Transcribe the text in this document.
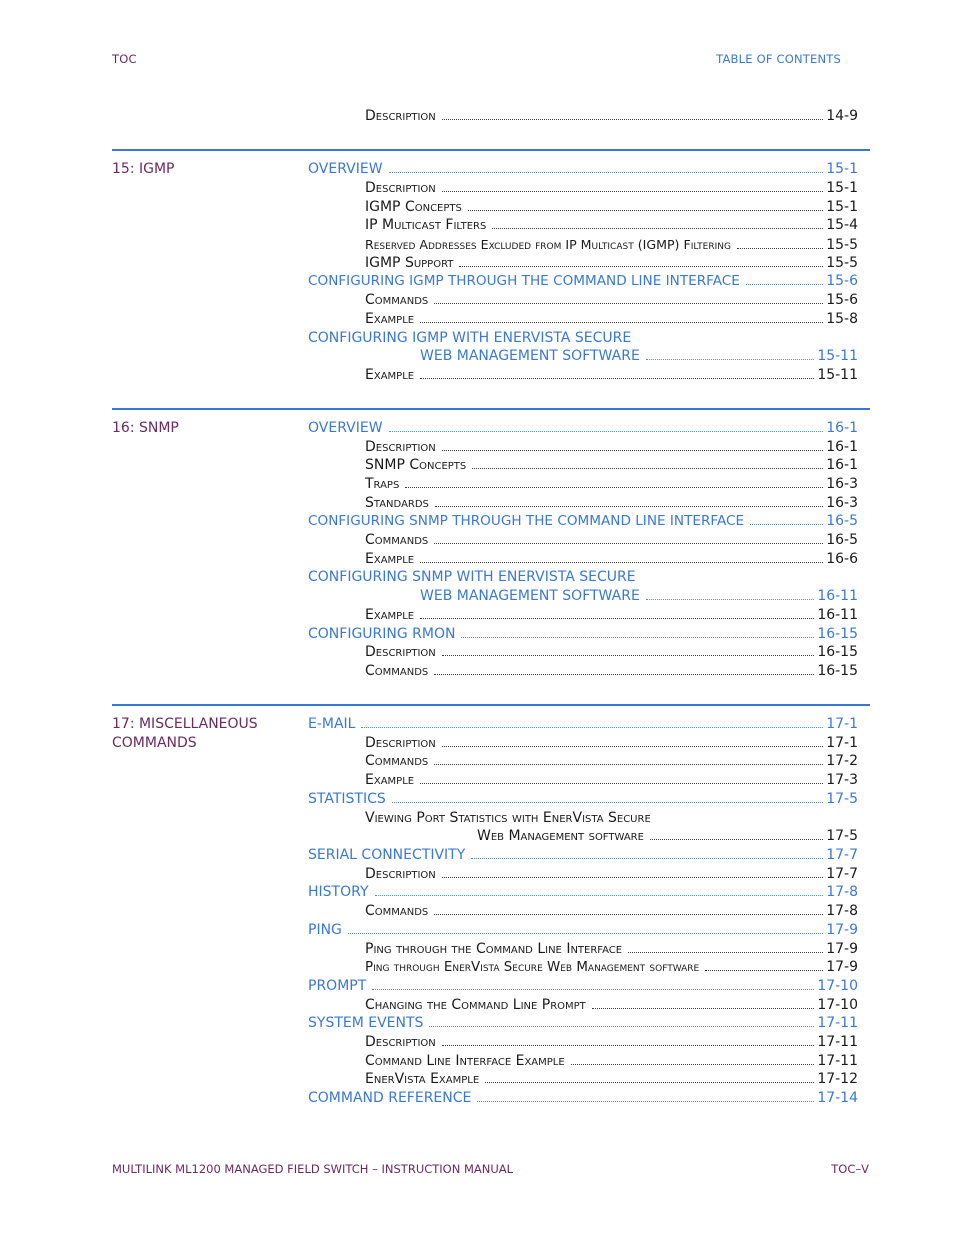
TOC	TABLE OF CONTENTS
Description	14-9
15: IGMP	OVERVIEW	15-1
Description	15-1
IGMP Concepts	15-1
IP Multicast Filters	15-4
Reserved Addresses Excluded from IP Multicast (IGMP) Filtering	15-5
IGMP Support	15-5
CONFIGURING IGMP THROUGH THE COMMAND LINE INTERFACE	15-6
Commands	15-6
Example	15-8
CONFIGURING IGMP WITH ENERVISTA SECURE
WEB MANAGEMENT SOFTWARE	15-11
Example	15-11
16: SNMP	OVERVIEW	16-1
Description	16-1
SNMP Concepts	16-1
Traps	16-3
Standards	16-3
CONFIGURING SNMP THROUGH THE COMMAND LINE INTERFACE	16-5
Commands	16-5
Example	16-6
CONFIGURING SNMP WITH ENERVISTA SECURE
WEB MANAGEMENT SOFTWARE	16-11
Example	16-11
CONFIGURING RMON	16-15
Description	16-15
Commands	16-15
17: MISCELLANEOUS COMMANDS
E-MAIL	17-1
Description	17-1
Commands	17-2
Example	17-3
STATISTICS	17-5
Viewing Port Statistics with EnerVista Secure
Web Management software	17-5
SERIAL CONNECTIVITY	17-7
Description	17-7
HISTORY	17-8
Commands	17-8
PING	17-9
Ping through the Command Line Interface	17-9
Ping through EnerVista Secure Web Management software	17-9
PROMPT	17-10
Changing the Command Line Prompt	17-10
SYSTEM EVENTS	17-11
Description	17-11
Command Line Interface Example	17-11
EnerVista Example	17-12
COMMAND REFERENCE	17-14
MULTILINK ML1200 MANAGED FIELD SWITCH – INSTRUCTION MANUAL	TOC–V
